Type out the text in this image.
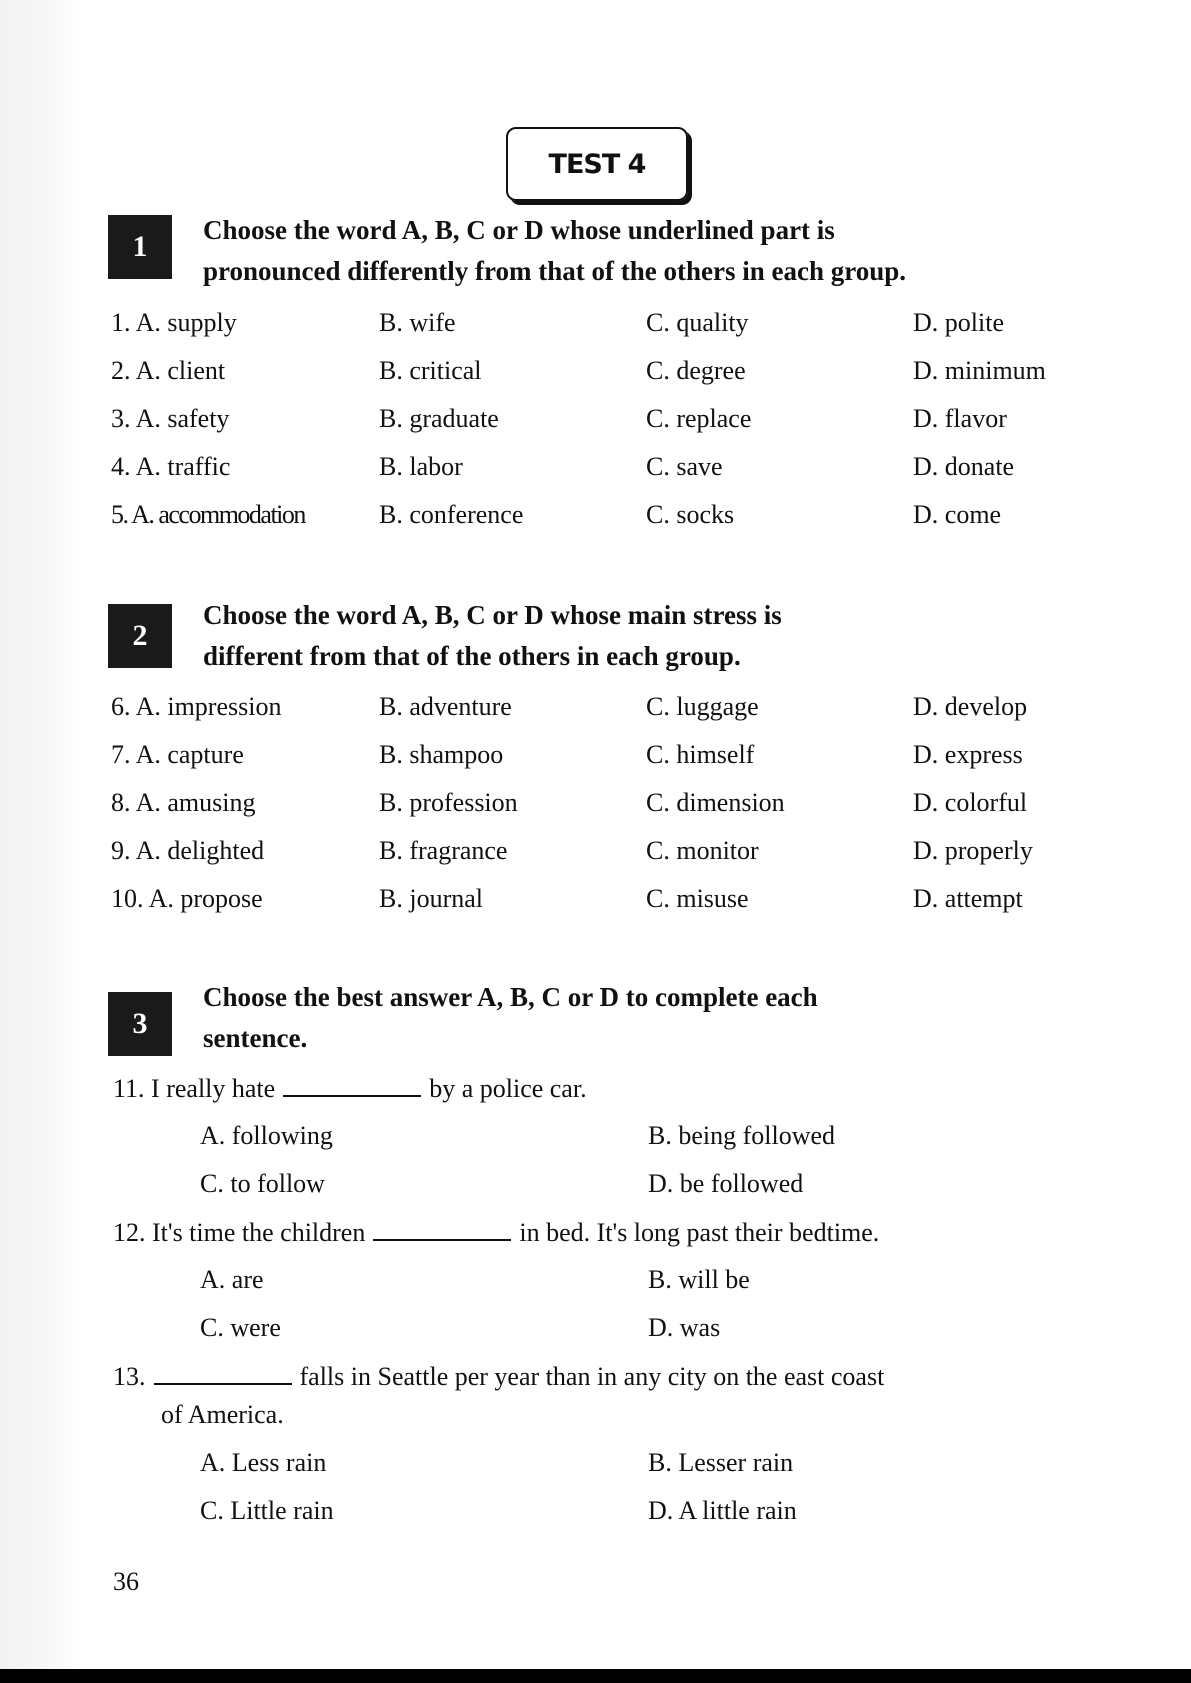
TEST 4
1	Choose the word A, B, C or D whose underlined part is
pronounced differently from that of the others in each group.
1. A. supply	B. wife	C. quality	D. polite
2. A. client	B. critical	C. degree	D. minimum
3. A. safety	B. graduate	C. replace	D. flavor
4. A. traffic	B. labor	C. save	D. donate
5. A. accommodation	B. conference	C. socks	D. come
2
Choose the word A, B, C or D whose main stress is
different from that of the others in each group.
6. A. impression	B. adventure	C. luggage	D. develop
7. A. capture	B. shampoo	C. himself	D. express
8. A. amusing	B. profession	C. dimension	D. colorful
9. A. delighted	B. fragrance	C. monitor	D. properly
10. A. propose	B. journal	C. misuse	D. attempt
3
Choose the best answer A, B, C or D to complete each
sentence.
11. I really hate	by a police car.
A. following	B. being followed
C. to follow	D. be followed
12. It's time the children	in bed. It's long past their bedtime.
A. are	B. will be
C. were	D. was
13.	falls in Seattle per year than in any city on the east coast
of America.
A. Less rain	B. Lesser rain
C. Little rain	D. A little rain
36
